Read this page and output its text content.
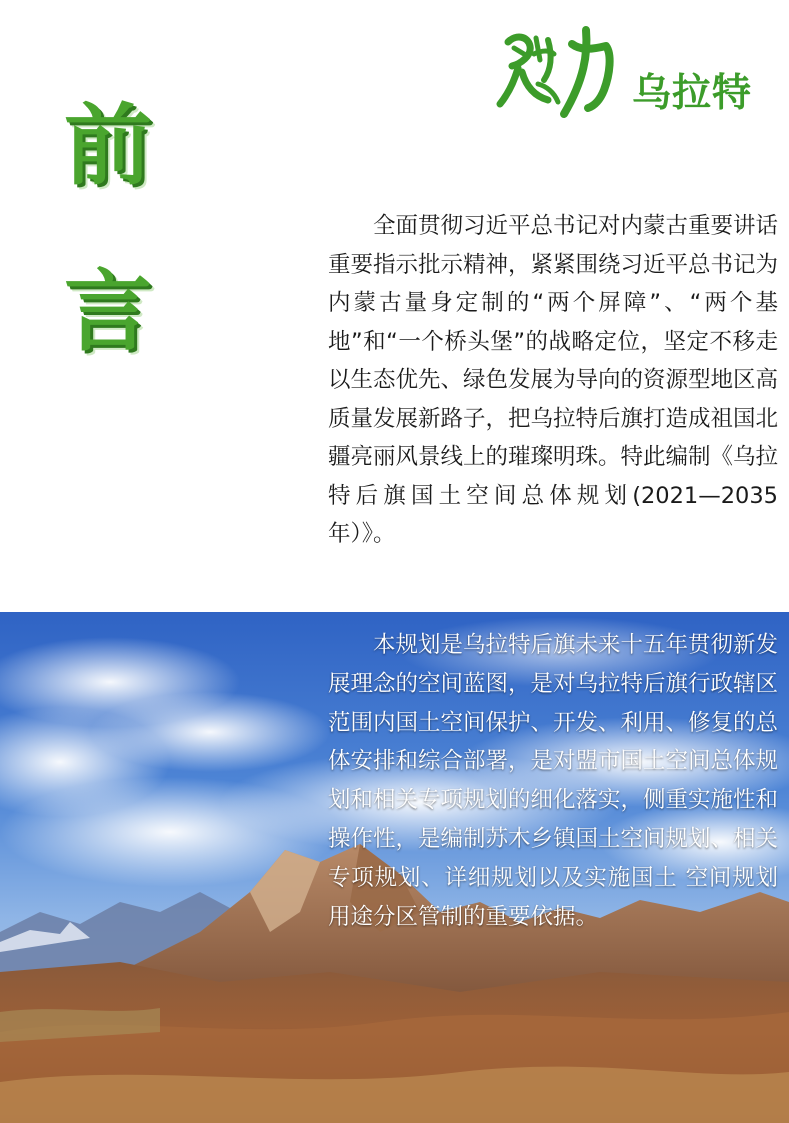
乌拉特
前
言

全面贯彻习近平总书记对内蒙古重要讲话重要指示批示精神，紧紧围绕习近平总书记为内蒙古量身定制的“两个屏障”、“两个基地”和“一个桥头堡”的战略定位，坚定不移走以生态优先、绿色发展为导向的资源型地区高质量发展新路子，把乌拉特后旗打造成祖国北疆亮丽风景线上的璀璨明珠。特此编制《乌拉特后旗国土空间总体规划(2021—2035年）》。

本规划是乌拉特后旗未来十五年贯彻新发展理念的空间蓝图，是对乌拉特后旗行政辖区范围内国土空间保护、开发、利用、修复的总体安排和综合部署，是对盟市国土空间总体规划和相关专项规划的细化落实，侧重实施性和操作性，是编制苏木乡镇国土空间规划、相关专项规划、详细规划以及实施国土 空间规划用途分区管制的重要依据。
